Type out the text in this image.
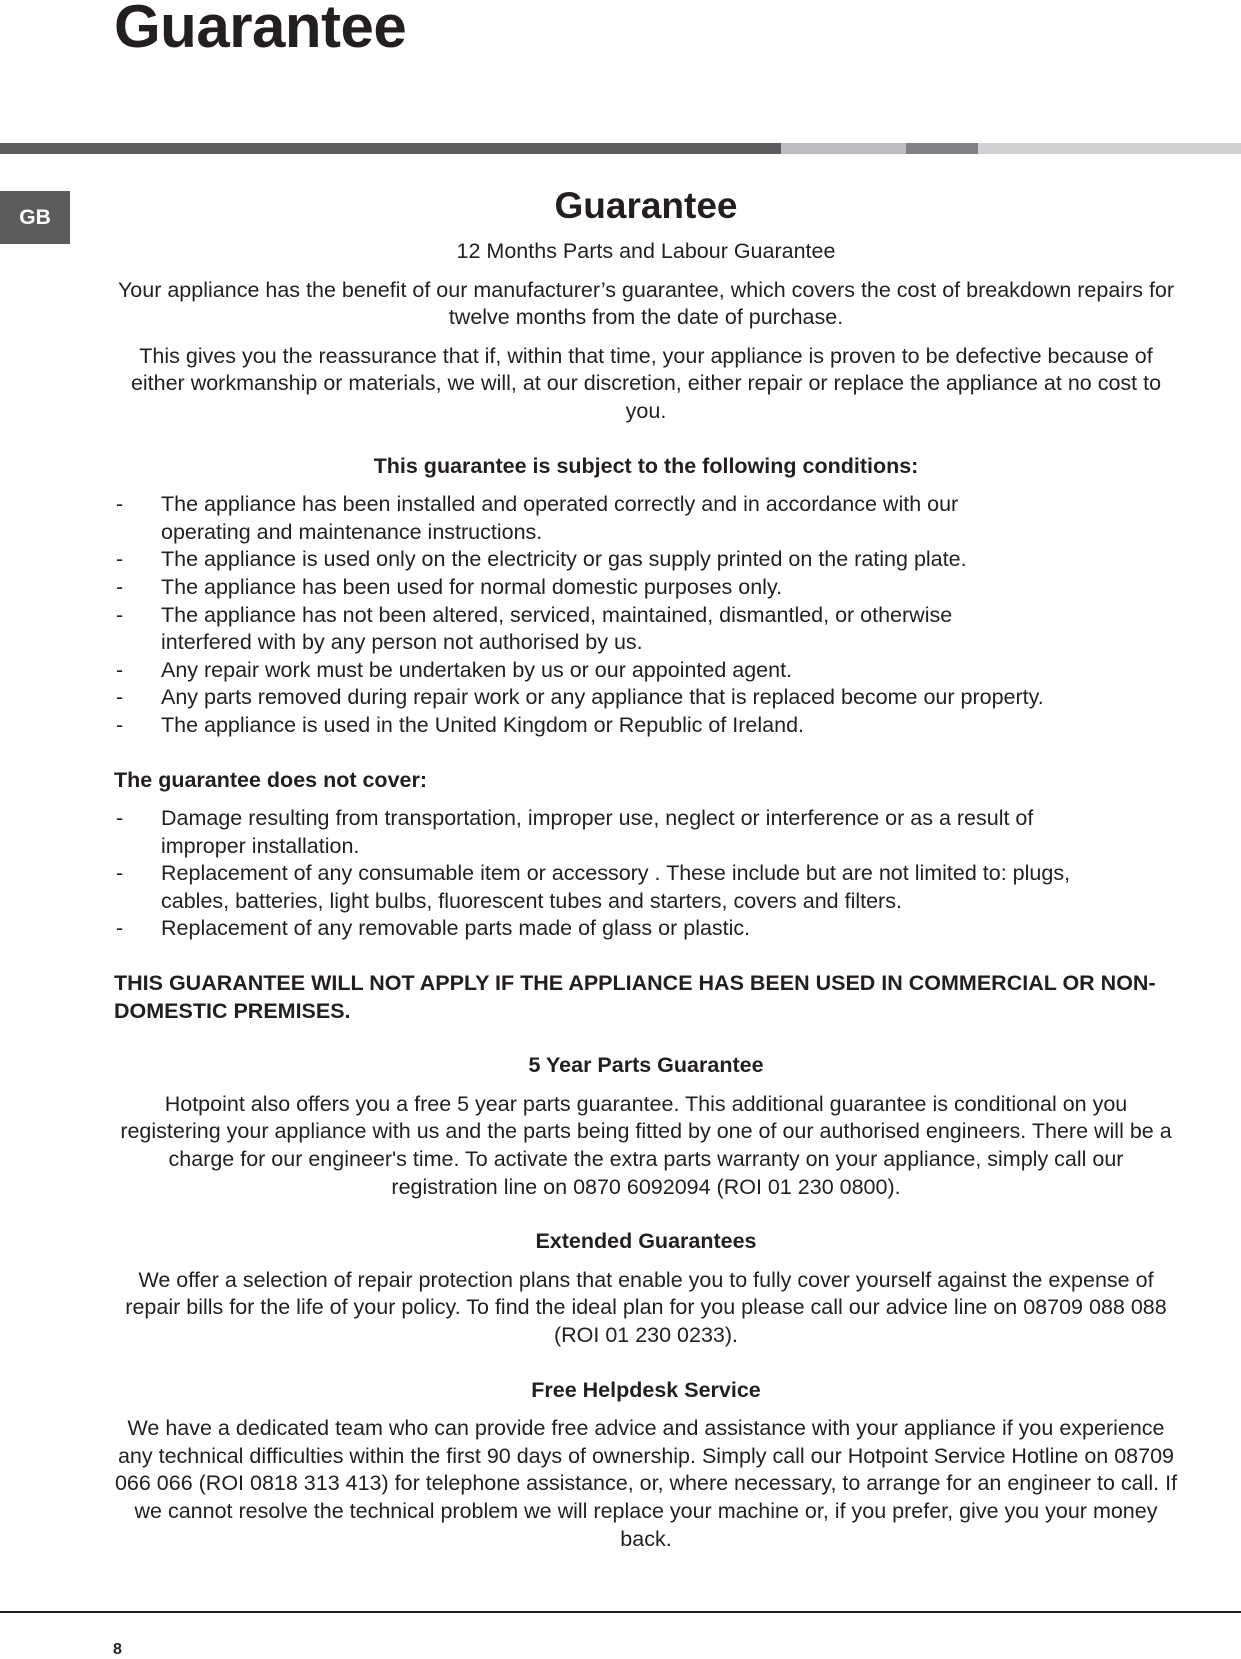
Guarantee
GB	Guarantee

12 Months Parts and Labour Guarantee

Your appliance has the benefit of our manufacturer’s guarantee, which covers the cost of breakdown repairs for twelve months from the date of purchase.

This gives you the reassurance that if, within that time, your appliance is proven to be defective because of either workmanship or materials, we will, at our discretion, either repair or replace the appliance at no cost to you.

This guarantee is subject to the following conditions:

- The appliance has been installed and operated correctly and in accordance with our operating and maintenance instructions.
- The appliance is used only on the electricity or gas supply printed on the rating plate.
- The appliance has been used for normal domestic purposes only.
- The appliance has not been altered, serviced, maintained, dismantled, or otherwise interfered with by any person not authorised by us.
- Any repair work must be undertaken by us or our appointed agent.
- Any parts removed during repair work or any appliance that is replaced become our property.
- The appliance is used in the United Kingdom or Republic of Ireland.

The guarantee does not cover:

- Damage resulting from transportation, improper use, neglect or interference or as a result of improper installation.
- Replacement of any consumable item or accessory . These include but are not limited to: plugs, cables, batteries, light bulbs, fluorescent tubes and starters, covers and filters.
- Replacement of any removable parts made of glass or plastic.

THIS GUARANTEE WILL NOT APPLY IF THE APPLIANCE HAS BEEN USED IN COMMERCIAL OR NON-DOMESTIC PREMISES.

5 Year Parts Guarantee

Hotpoint also offers you a free 5 year parts guarantee. This additional guarantee is conditional on you registering your appliance with us and the parts being fitted by one of our authorised engineers. There will be a charge for our engineer's time. To activate the extra parts warranty on your appliance, simply call our registration line on 0870 6092094 (ROI 01 230 0800).

Extended Guarantees

We offer a selection of repair protection plans that enable you to fully cover yourself against the expense of repair bills for the life of your policy. To find the ideal plan for you please call our advice line on 08709 088 088 (ROI 01 230 0233).

Free Helpdesk Service

We have a dedicated team who can provide free advice and assistance with your appliance if you experience any technical difficulties within the first 90 days of ownership. Simply call our Hotpoint Service Hotline on 08709 066 066 (ROI 0818 313 413) for telephone assistance, or, where necessary, to arrange for an engineer to call. If we cannot resolve the technical problem we will replace your machine or, if you prefer, give you your money back.

8
